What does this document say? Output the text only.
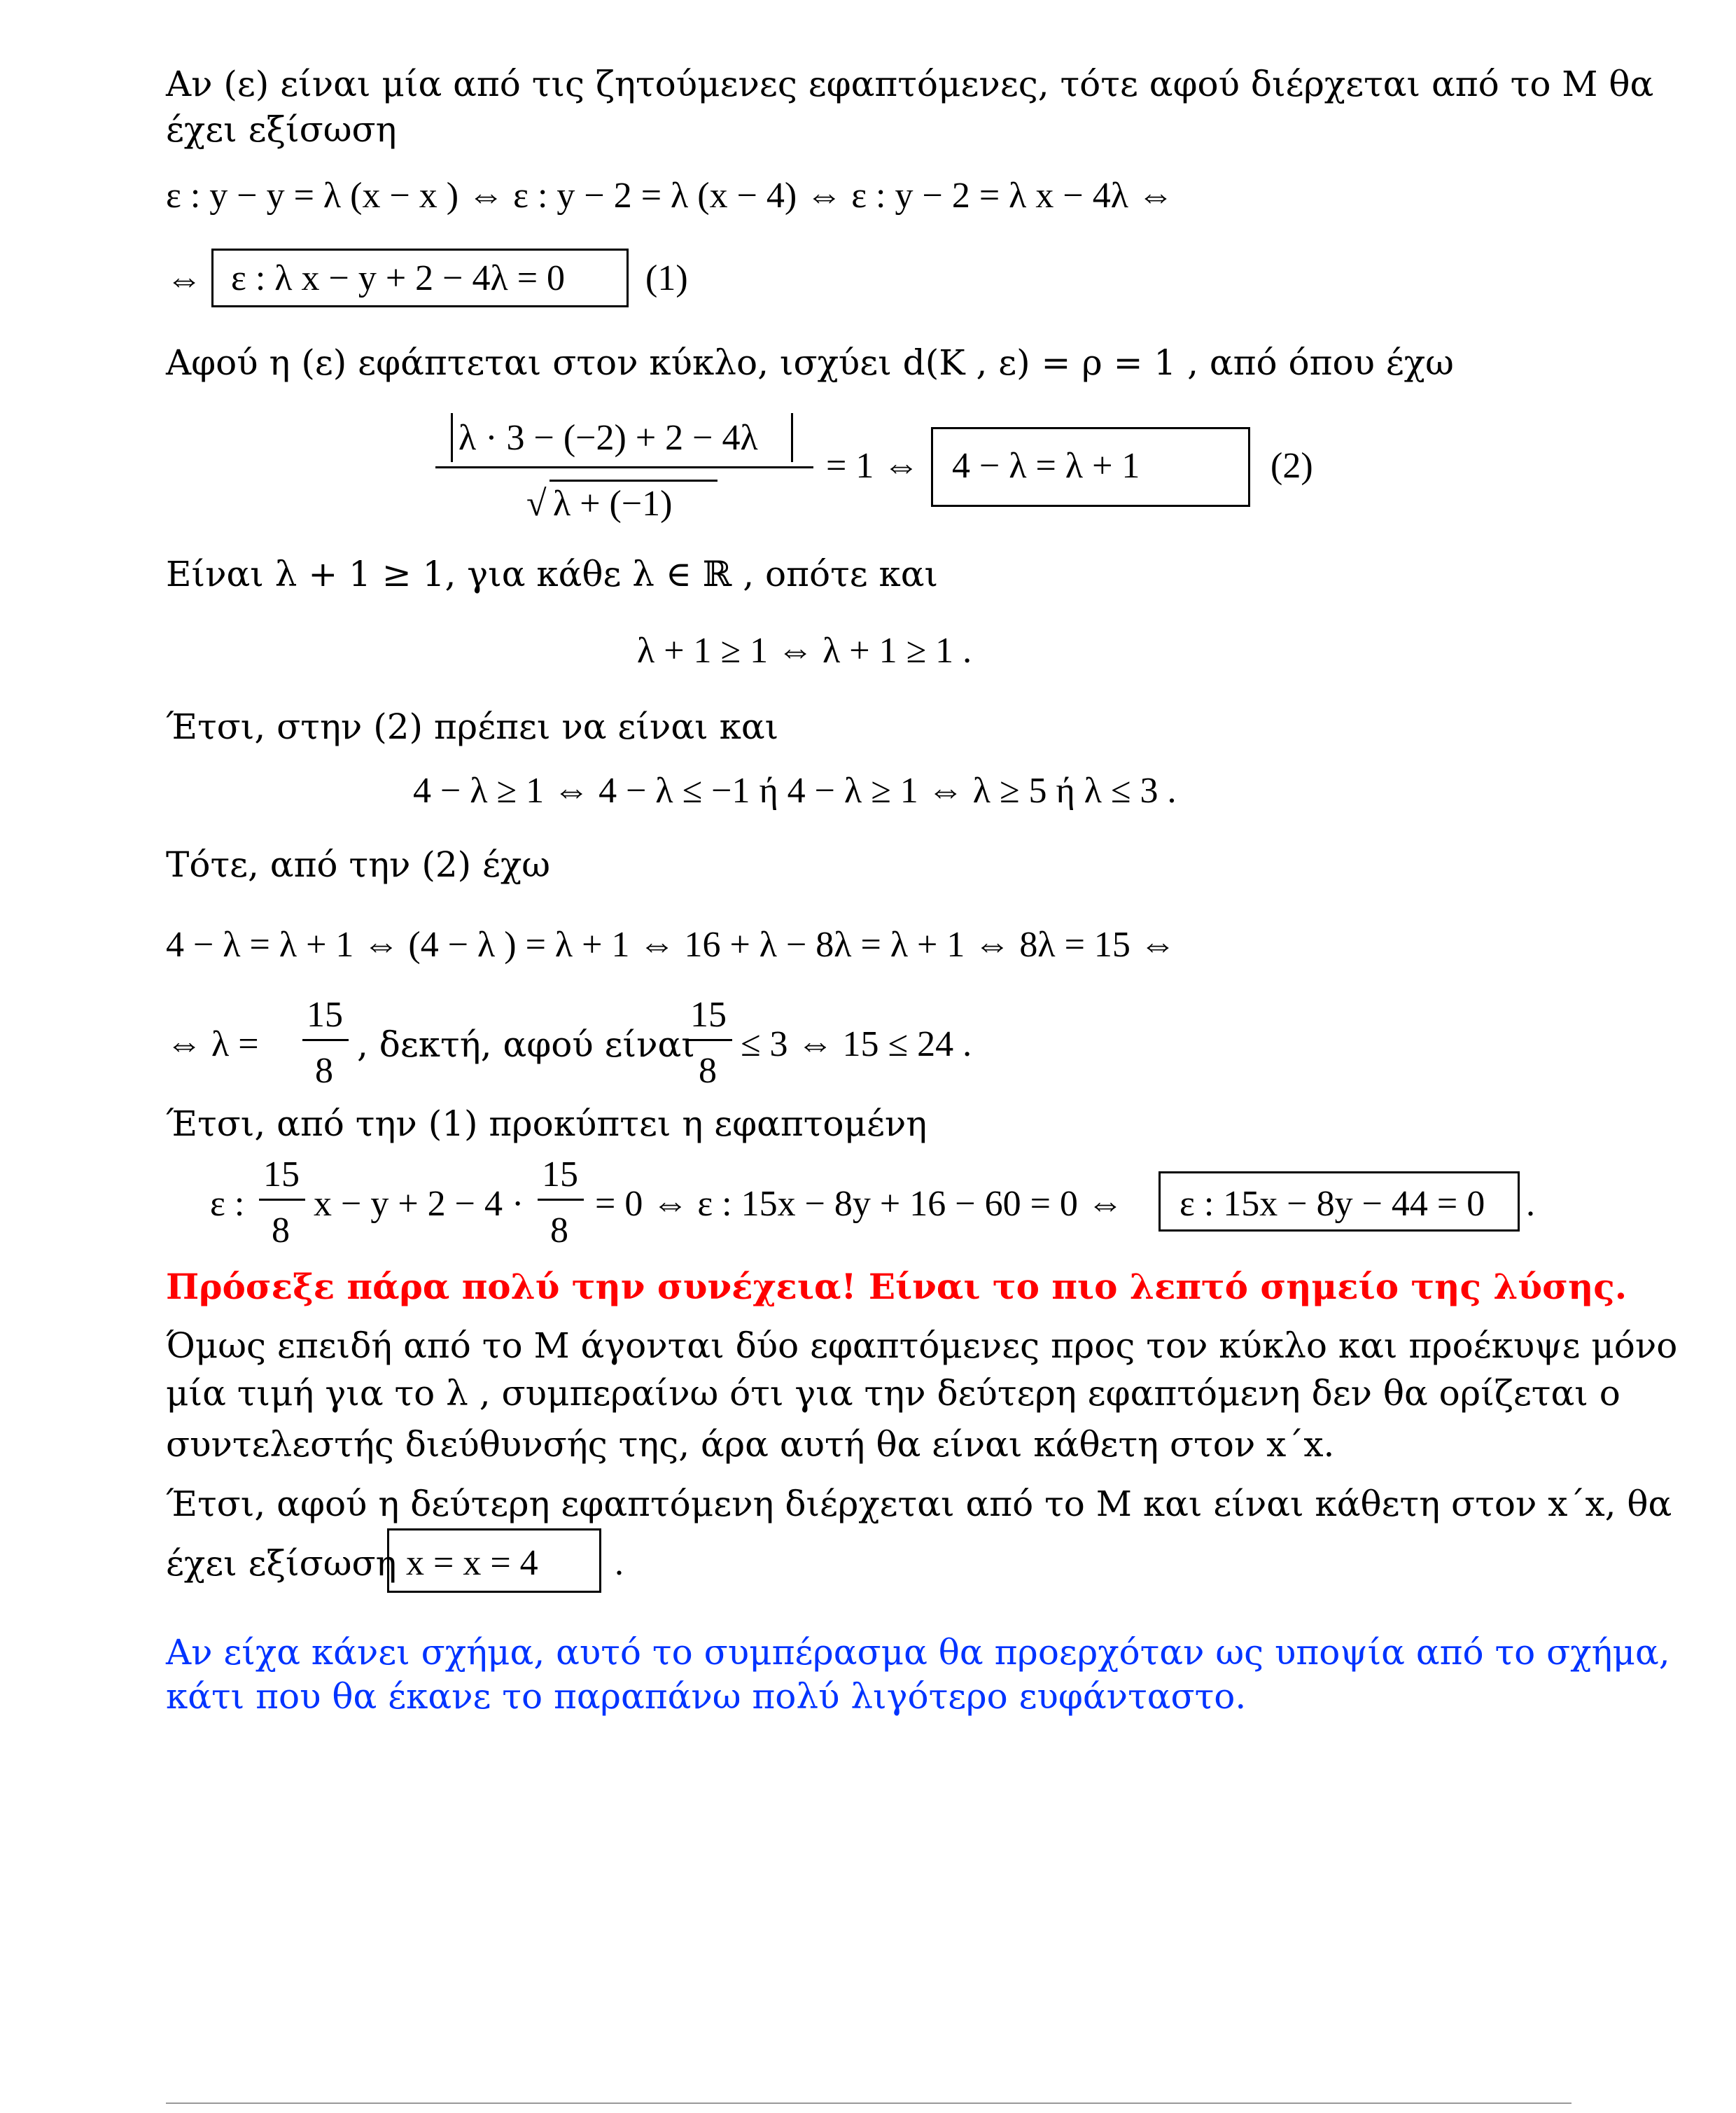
Αν (ε) είναι μία από τις ζητούμενες εφαπτόμενες, τότε αφού διέρχεται από το Μ θα
έχει εξίσωση
ε : y − y = λ (x − x ) ⇔ ε : y − 2 = λ (x − 4) ⇔ ε : y − 2 = λ x − 4λ ⇔
⇔ ε : λ x − y + 2 − 4λ = 0 (1)
Αφού η (ε) εφάπτεται στον κύκλο, ισχύει d(K , ε) = ρ = 1 , από όπου έχω
λ · 3 − (−2) + 2 − 4λ
√ λ + (−1)
= 1 ⇔ 4 − λ = λ + 1	(2)
Είναι λ + 1 ≥ 1, για κάθε λ ∈ ℝ , οπότε και
λ + 1 ≥ 1 ⇔ λ + 1 ≥ 1 .
Έτσι, στην (2) πρέπει να είναι και
4 − λ ≥ 1 ⇔ 4 − λ ≤ −1 ή 4 − λ ≥ 1 ⇔ λ ≥ 5 ή λ ≤ 3 .
Τότε, από την (2) έχω
4 − λ = λ + 1 ⇔ (4 − λ ) = λ + 1 ⇔ 16 + λ − 8λ = λ + 1 ⇔ 8λ = 15 ⇔
⇔ λ =
15
8
, δεκτή, αφού είναι
15
8
≤ 3 ⇔ 15 ≤ 24 .
Έτσι, από την (1) προκύπτει η εφαπτομένη
ε :
15
8
x − y + 2 − 4 ·
15
8
= 0 ⇔ ε : 15x − 8y + 16 − 60 = 0 ⇔ ε : 15x − 8y − 44 = 0 .
Πρόσεξε πάρα πολύ την συνέχεια! Είναι το πιο λεπτό σημείο της λύσης.
Όμως επειδή από το Μ άγονται δύο εφαπτόμενες προς τον κύκλο και προέκυψε μόνο
μία τιμή για το λ , συμπεραίνω ότι για την δεύτερη εφαπτόμενη δεν θα ορίζεται ο
συντελεστής διεύθυνσής της, άρα αυτή θα είναι κάθετη στον x΄x.
Έτσι, αφού η δεύτερη εφαπτόμενη διέρχεται από το Μ και είναι κάθετη στον x΄x, θα
έχει εξίσωση x = x = 4 .
Αν είχα κάνει σχήμα, αυτό το συμπέρασμα θα προερχόταν ως υποψία από το σχήμα,
κάτι που θα έκανε το παραπάνω πολύ λιγότερο ευφάνταστο.
